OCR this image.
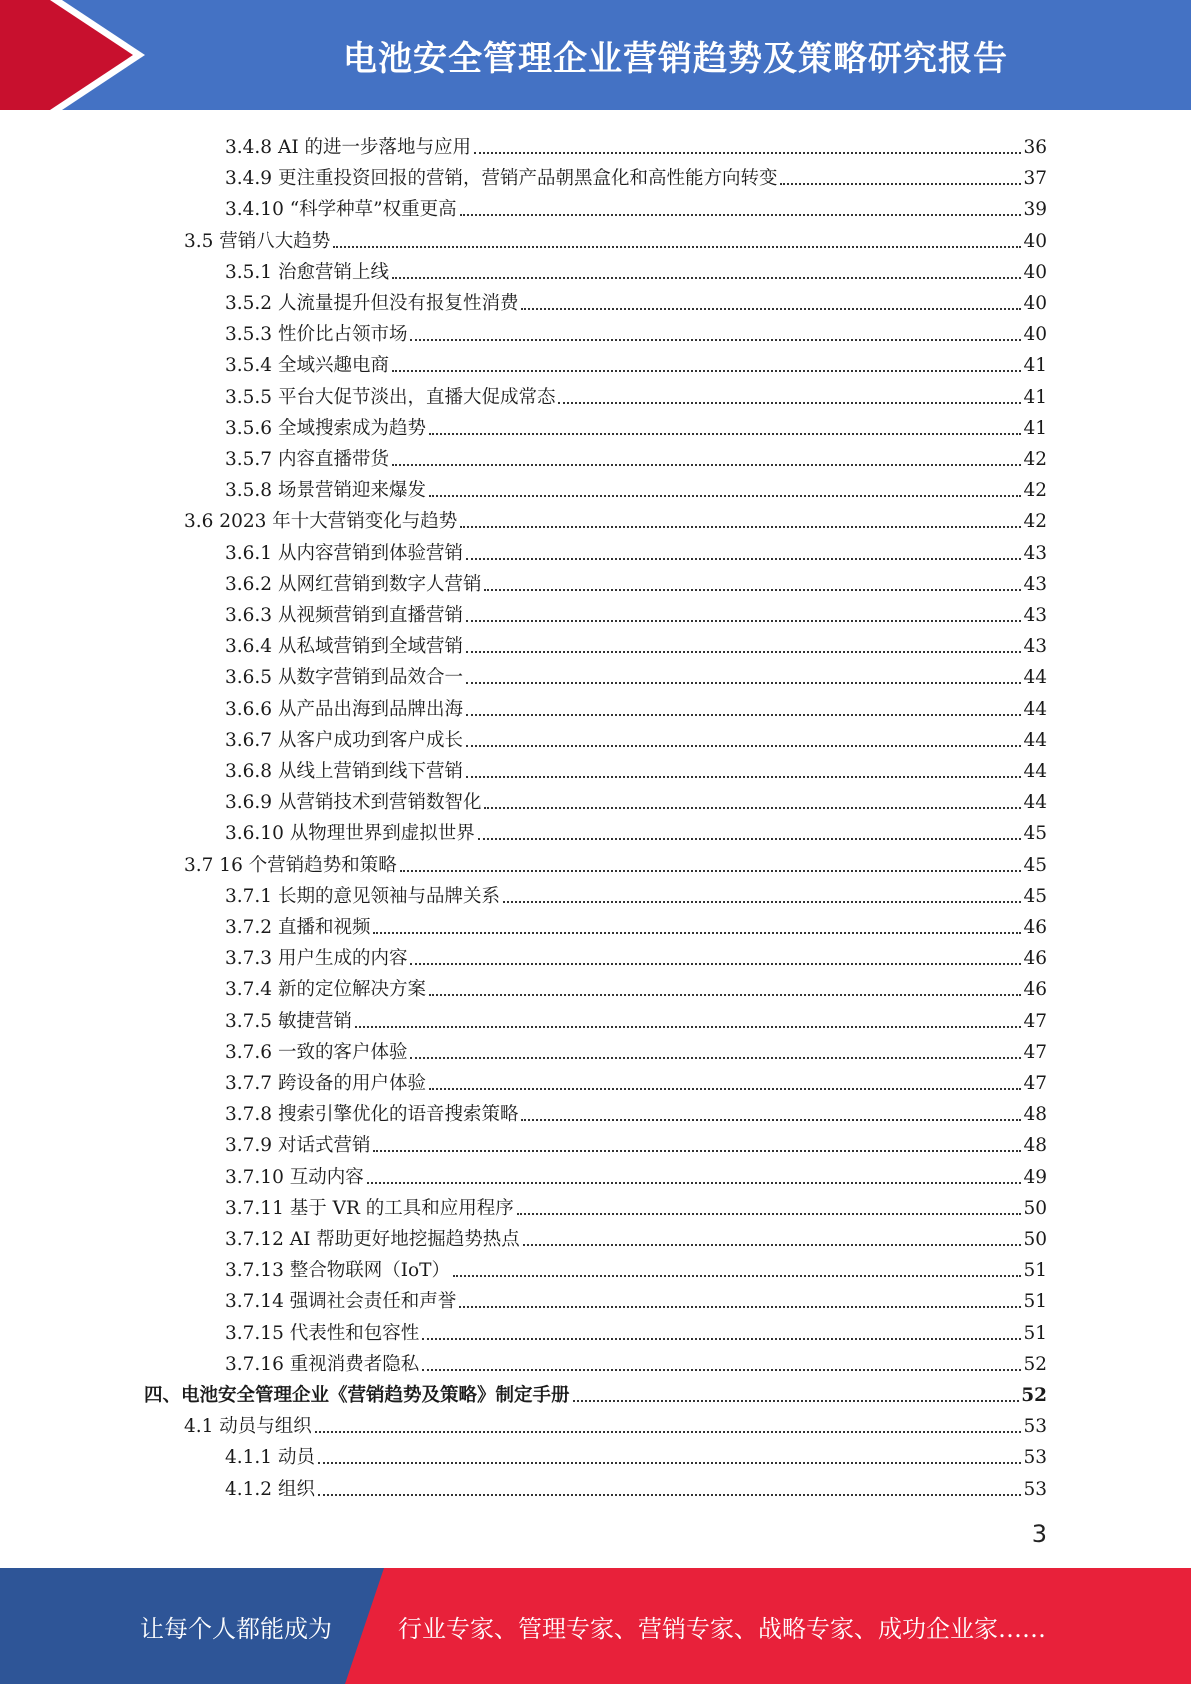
电池安全管理企业营销趋势及策略研究报告
3.4.8 AI 的进一步落地与应用	36
3.4.9 更注重投资回报的营销，营销产品朝黑盒化和高性能方向转变	37
3.4.10 “科学种草”权重更高	39
3.5 营销八大趋势	40
3.5.1 治愈营销上线	40
3.5.2 人流量提升但没有报复性消费	40
3.5.3 性价比占领市场	40
3.5.4 全域兴趣电商	41
3.5.5 平台大促节淡出，直播大促成常态	41
3.5.6 全域搜索成为趋势	41
3.5.7 内容直播带货	42
3.5.8 场景营销迎来爆发	42
3.6 2023 年十大营销变化与趋势	42
3.6.1 从内容营销到体验营销	43
3.6.2 从网红营销到数字人营销	43
3.6.3 从视频营销到直播营销	43
3.6.4 从私域营销到全域营销	43
3.6.5 从数字营销到品效合一	44
3.6.6 从产品出海到品牌出海	44
3.6.7 从客户成功到客户成长	44
3.6.8 从线上营销到线下营销	44
3.6.9 从营销技术到营销数智化	44
3.6.10 从物理世界到虚拟世界	45
3.7 16 个营销趋势和策略	45
3.7.1 长期的意见领袖与品牌关系	45
3.7.2 直播和视频	46
3.7.3 用户生成的内容	46
3.7.4 新的定位解决方案	46
3.7.5 敏捷营销	47
3.7.6 一致的客户体验	47
3.7.7 跨设备的用户体验	47
3.7.8 搜索引擎优化的语音搜索策略	48
3.7.9 对话式营销	48
3.7.10 互动内容	49
3.7.11 基于 VR 的工具和应用程序	50
3.7.12 AI 帮助更好地挖掘趋势热点	50
3.7.13 整合物联网（IoT）	51
3.7.14 强调社会责任和声誉	51
3.7.15 代表性和包容性	51
3.7.16 重视消费者隐私	52
四、电池安全管理企业《营销趋势及策略》制定手册	52
4.1 动员与组织	53
4.1.1 动员	53
4.1.2 组织	53
3
让每个人都能成为	行业专家、管理专家、营销专家、战略专家、成功企业家……
